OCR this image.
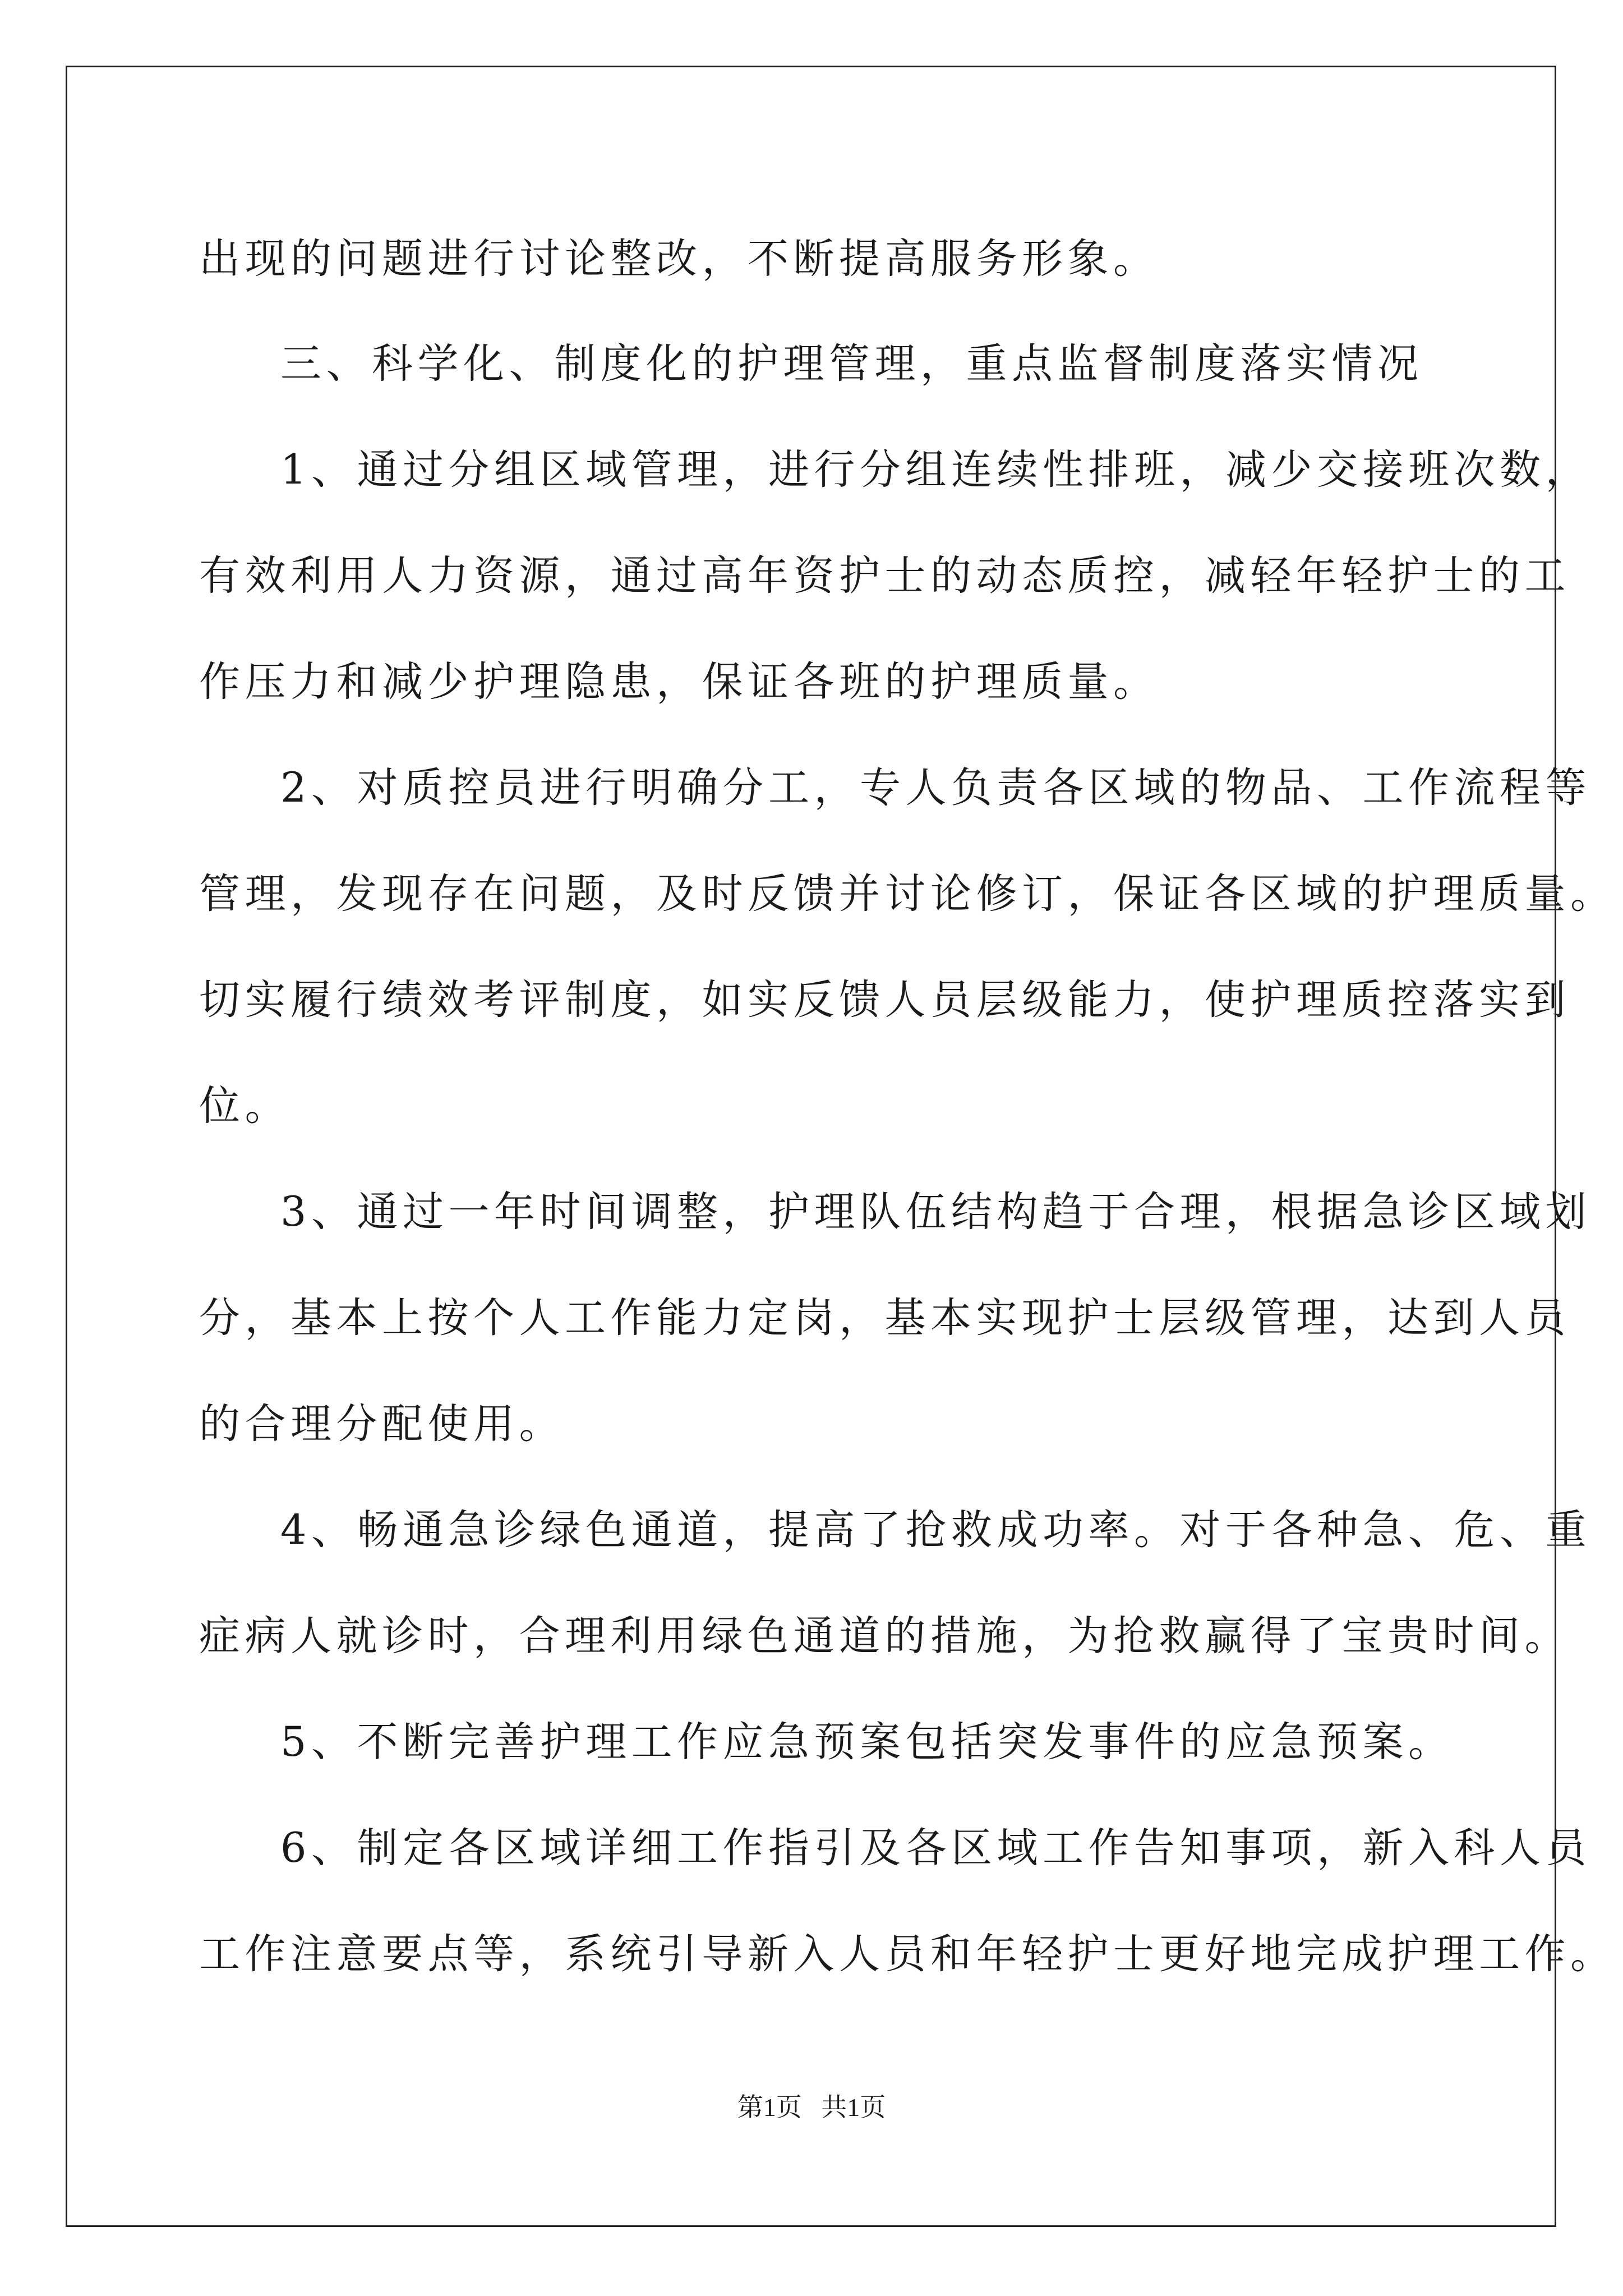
出现的问题进行讨论整改，不断提高服务形象。
三、科学化、制度化的护理管理，重点监督制度落实情况
1、通过分组区域管理，进行分组连续性排班，减少交接班次数，
有效利用人力资源，通过高年资护士的动态质控，减轻年轻护士的工
作压力和减少护理隐患，保证各班的护理质量。
2、对质控员进行明确分工，专人负责各区域的物品、工作流程等
管理，发现存在问题，及时反馈并讨论修订，保证各区域的护理质量。
切实履行绩效考评制度，如实反馈人员层级能力，使护理质控落实到
位。
3、通过一年时间调整，护理队伍结构趋于合理，根据急诊区域划
分，基本上按个人工作能力定岗，基本实现护士层级管理，达到人员
的合理分配使用。
4、畅通急诊绿色通道，提高了抢救成功率。对于各种急、危、重
症病人就诊时，合理利用绿色通道的措施，为抢救赢得了宝贵时间。
5、不断完善护理工作应急预案包括突发事件的应急预案。
6、制定各区域详细工作指引及各区域工作告知事项，新入科人员
工作注意要点等，系统引导新入人员和年轻护士更好地完成护理工作。
第1页   共1页
